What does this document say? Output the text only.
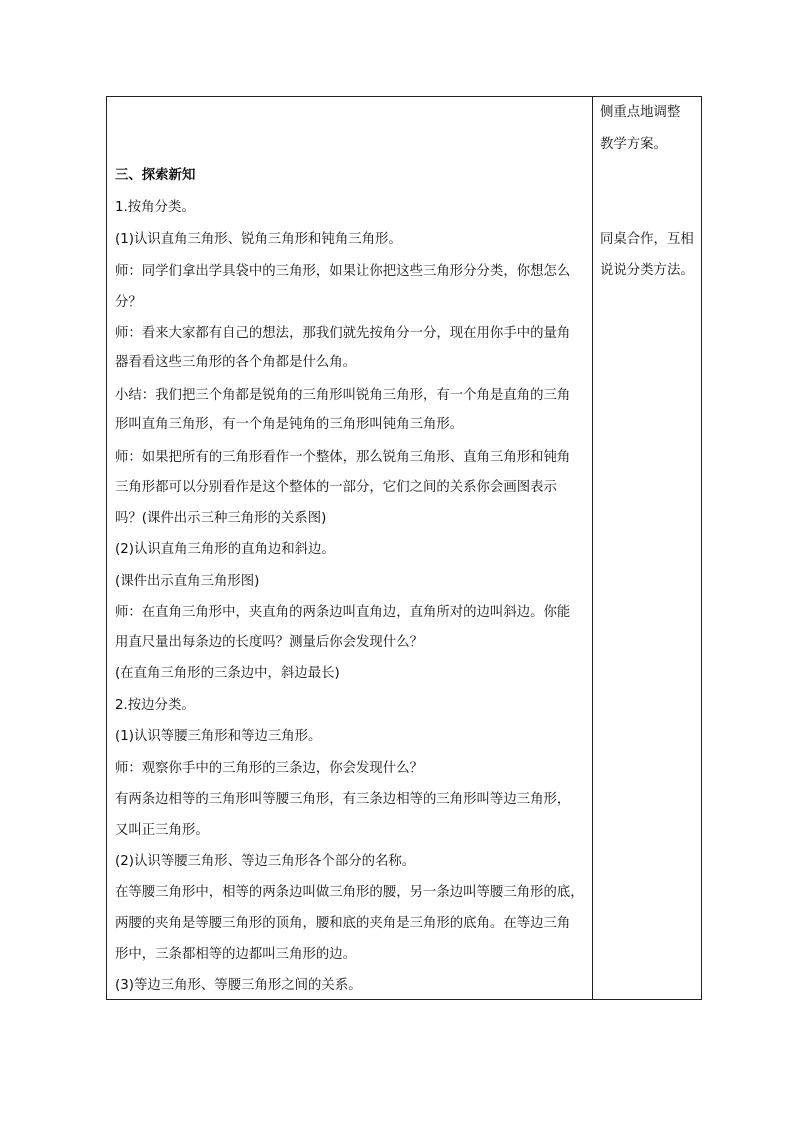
三、探索新知
1.按角分类。
(1)认识直角三角形、锐角三角形和钝角三角形。
师：同学们拿出学具袋中的三角形，如果让你把这些三角形分分类，你想怎么
分？
师：看来大家都有自己的想法，那我们就先按角分一分，现在用你手中的量角
器看看这些三角形的各个角都是什么角。
小结：我们把三个角都是锐角的三角形叫锐角三角形，有一个角是直角的三角
形叫直角三角形，有一个角是钝角的三角形叫钝角三角形。
师：如果把所有的三角形看作一个整体，那么锐角三角形、直角三角形和钝角
三角形都可以分别看作是这个整体的一部分，它们之间的关系你会画图表示
吗？(课件出示三种三角形的关系图)
(2)认识直角三角形的直角边和斜边。
(课件出示直角三角形图)
师：在直角三角形中，夹直角的两条边叫直角边，直角所对的边叫斜边。你能
用直尺量出每条边的长度吗？测量后你会发现什么？
(在直角三角形的三条边中，斜边最长)
2.按边分类。
(1)认识等腰三角形和等边三角形。
师：观察你手中的三角形的三条边，你会发现什么？
有两条边相等的三角形叫等腰三角形，有三条边相等的三角形叫等边三角形，
又叫正三角形。
(2)认识等腰三角形、等边三角形各个部分的名称。
在等腰三角形中，相等的两条边叫做三角形的腰，另一条边叫等腰三角形的底，
两腰的夹角是等腰三角形的顶角，腰和底的夹角是三角形的底角。在等边三角
形中，三条都相等的边都叫三角形的边。
(3)等边三角形、等腰三角形之间的关系。
侧重点地调整
教学方案。
同桌合作，互相
说说分类方法。
